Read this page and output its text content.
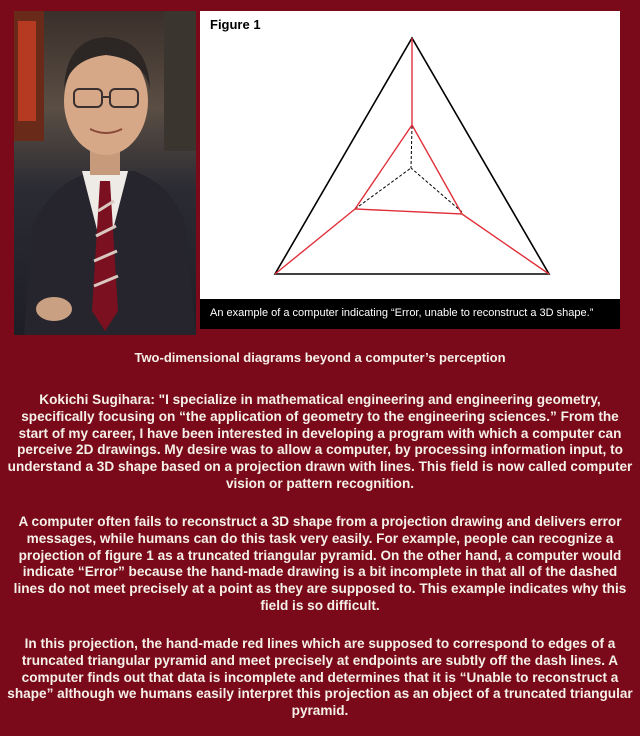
Figure 1
An example of a computer indicating “Error, unable to reconstruct a 3D shape.”
Two-dimensional diagrams beyond a computer’s perception
Kokichi Sugihara: "I specialize in mathematical engineering and engineering geometry, specifically focusing on “the application of geometry to the engineering sciences.” From the start of my career, I have been interested in developing a program with which a computer can perceive 2D drawings. My desire was to allow a computer, by processing information input, to understand a 3D shape based on a projection drawn with lines. This field is now called computer vision or pattern recognition.
A computer often fails to reconstruct a 3D shape from a projection drawing and delivers error messages, while humans can do this task very easily. For example, people can recognize a projection of figure 1 as a truncated triangular pyramid. On the other hand, a computer would indicate “Error” because the hand-made drawing is a bit incomplete in that all of the dashed lines do not meet precisely at a point as they are supposed to. This example indicates why this field is so difficult.
In this projection, the hand-made red lines which are supposed to correspond to edges of a truncated triangular pyramid and meet precisely at endpoints are subtly off the dash lines. A computer finds out that data is incomplete and determines that it is “Unable to reconstruct a shape” although we humans easily interpret this projection as an object of a truncated triangular pyramid.
